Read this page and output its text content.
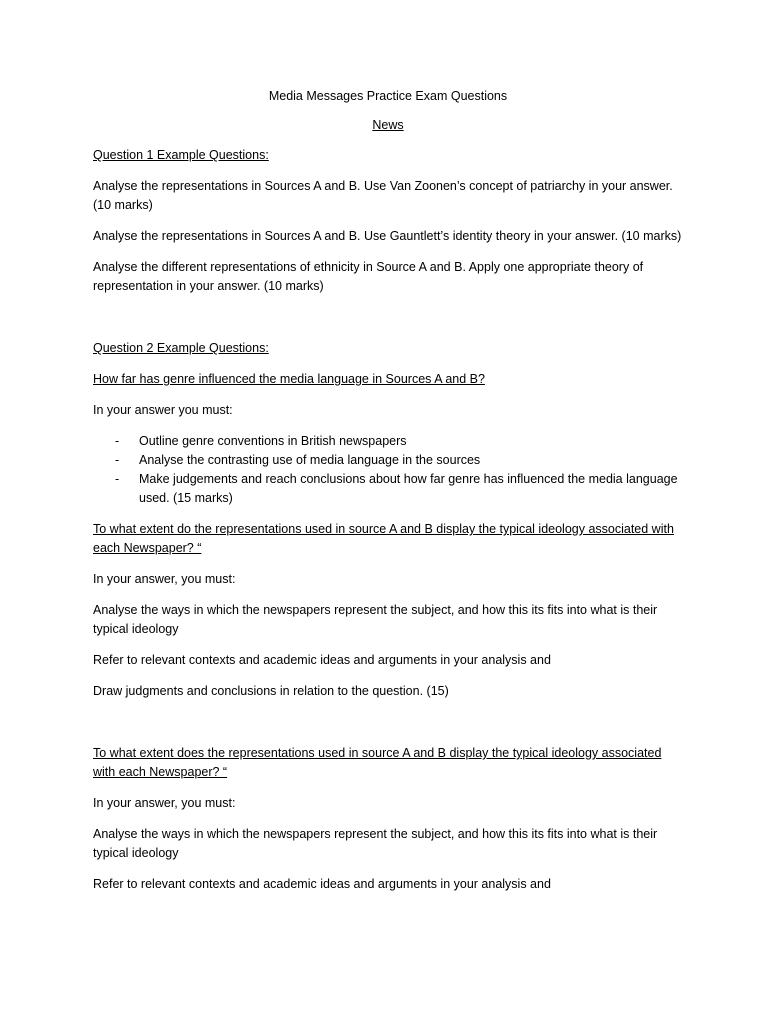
Media Messages Practice Exam Questions
News
Question 1 Example Questions:

Analyse the representations in Sources A and B. Use Van Zoonen’s concept of patriarchy in your answer. (10 marks)

Analyse the representations in Sources A and B. Use Gauntlett’s identity theory in your answer. (10 marks)

Analyse the different representations of ethnicity in Source A and B. Apply one appropriate theory of representation in your answer. (10 marks)

Question 2 Example Questions:

How far has genre influenced the media language in Sources A and B?

In your answer you must:

- Outline genre conventions in British newspapers
- Analyse the contrasting use of media language in the sources
- Make judgements and reach conclusions about how far genre has influenced the media language used. (15 marks)

To what extent do the representations used in source A and B display the typical ideology associated with each Newspaper? “

In your answer, you must:

Analyse the ways in which the newspapers represent the subject, and how this its fits into what is their typical ideology

Refer to relevant contexts and academic ideas and arguments in your analysis and

Draw judgments and conclusions in relation to the question. (15)

To what extent does the representations used in source A and B display the typical ideology associated with each Newspaper? “

In your answer, you must:

Analyse the ways in which the newspapers represent the subject, and how this its fits into what is their typical ideology

Refer to relevant contexts and academic ideas and arguments in your analysis and
